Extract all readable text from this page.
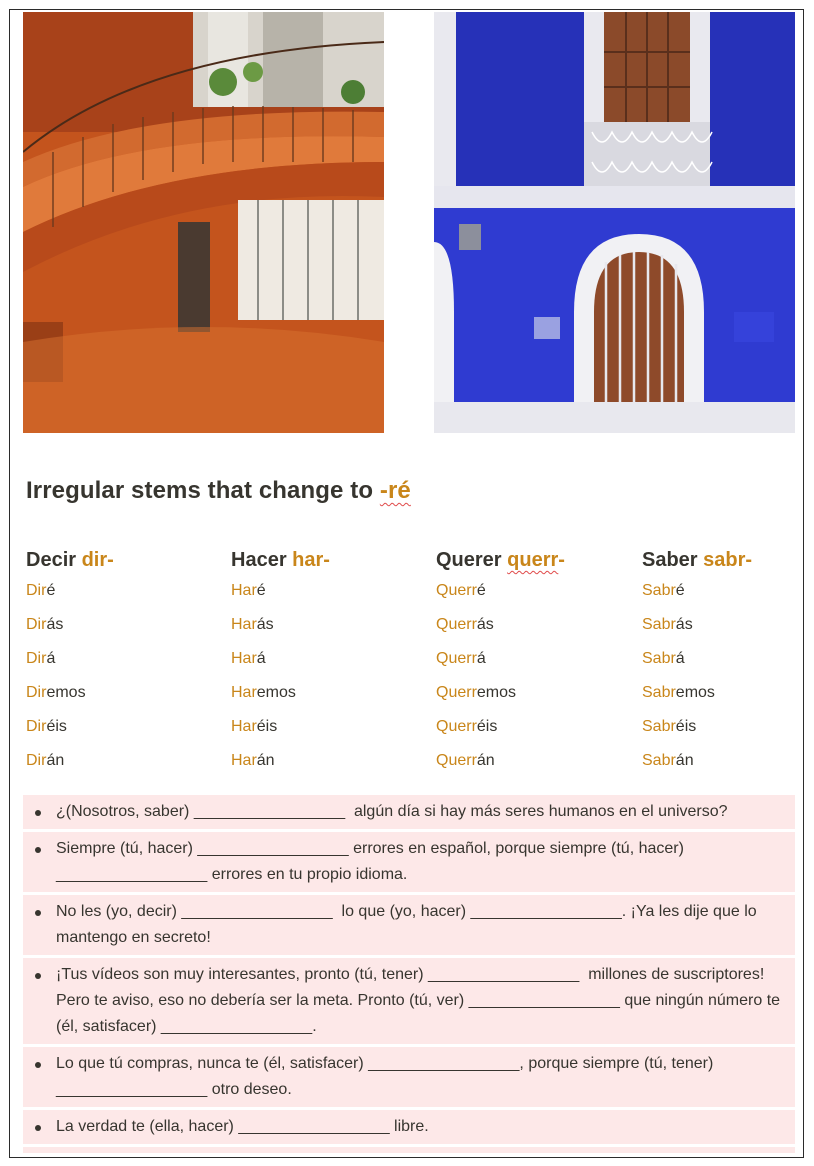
Irregular stems that change to -ré
Decir dir-
Diré
Dirás
Dirá
Diremos
Diréis
Dirán
Hacer har-
Haré
Harás
Hará
Haremos
Haréis
Harán
Querer querr-
Querré
Querrás
Querrá
Querremos
Querréis
Querrán
Saber sabr-
Sabré
Sabrás
Sabrá
Sabremos
Sabréis
Sabrán
¿(Nosotros, saber) _________________  algún día si hay más seres humanos en el universo?
Siempre (tú, hacer) _________________ errores en español, porque siempre (tú, hacer) _________________ errores en tu propio idioma.
No les (yo, decir) _________________  lo que (yo, hacer) _________________. ¡Ya les dije que lo mantengo en secreto!
¡Tus vídeos son muy interesantes, pronto (tú, tener) _________________  millones de suscriptores! Pero te aviso, eso no debería ser la meta. Pronto (tú, ver) _________________ que ningún número te (él, satisfacer) _________________.
Lo que tú compras, nunca te (él, satisfacer) _________________, porque siempre (tú, tener) _________________ otro deseo.
La verdad te (ella, hacer) _________________ libre.
